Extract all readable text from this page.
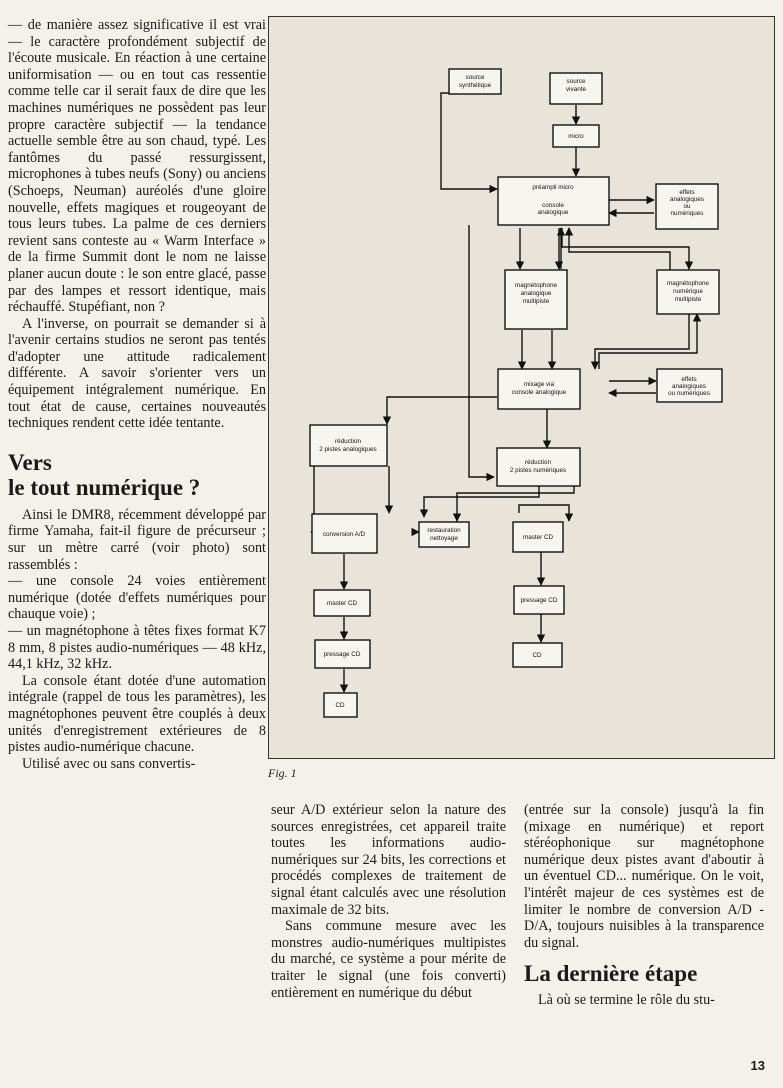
— de manière assez significative il est vrai — le caractère profondément subjectif de l'écoute musicale. En réaction à une certaine uniformisation — ou en tout cas ressentie comme telle car il serait faux de dire que les machines numériques ne possèdent pas leur propre caractère subjectif — la tendance actuelle semble être au son chaud, typé. Les fantômes du passé ressurgissent, microphones à tubes neufs (Sony) ou anciens (Schoeps, Neuman) auréolés d'une gloire nouvelle, effets magiques et rougeoyant de tous leurs tubes. La palme de ces derniers revient sans conteste au « Warm Interface » de la firme Summit dont le nom ne laisse planer aucun doute : le son entre glacé, passe par des lampes et ressort identique, mais réchauffé. Stupéfiant, non ?

A l'inverse, on pourrait se demander si à l'avenir certains studios ne seront pas tentés d'adopter une attitude radicalement différente. A savoir s'orienter vers un équipement intégralement numérique. En tout état de cause, certaines nouveautés techniques rendent cette idée tentante.

Vers
le tout numérique ?

Ainsi le DMR8, récemment développé par firme Yamaha, fait-il figure de précurseur ; sur un mètre carré (voir photo) sont rassemblés :

— une console 24 voies entièrement numérique (dotée d'effets numériques pour chauque voie) ;

— un magnétophone à têtes fixes format K7 8 mm, 8 pistes audio-numériques — 48 kHz, 44,1 kHz, 32 kHz.

La console étant dotée d'une automation intégrale (rappel de tous les paramètres), les magnétophones peuvent être couplés à deux unités d'enregistrement extérieures de 8 pistes audio-numérique chacune.

Utilisé avec ou sans convertis-

source
synthétique
source
vivante
micro
préampli micro
console
analogique
effets
analogiques
ou
numériques
magnétophone
analogique
multipiste
magnétophone
numérique
multipiste
mixage via
console analogique
effets
analogiques
ou numériques
réduction
2 pistes analogiques
réduction
2 pistes numériques
conversion A/D
restauration
nettoyage	master CD
master CD	pressage CD
pressage CD	CD
CD
Fig. 1

seur A/D extérieur selon la nature des sources enregistrées, cet appareil traite toutes les informations audio-numériques sur 24 bits, les corrections et procédés complexes de traitement de signal étant calculés avec une résolution maximale de 32 bits.

Sans commune mesure avec les monstres audio-numériques multipistes du marché, ce système a pour mérite de traiter le signal (une fois converti) entièrement en numérique du début

(entrée sur la console) jusqu'à la fin (mixage en numérique) et report stéréophonique sur magnétophone numérique deux pistes avant d'aboutir à un éventuel CD... numérique. On le voit, l'intérêt majeur de ces systèmes est de limiter le nombre de conversion A/D - D/A, toujours nuisibles à la transparence du signal.

La dernière étape

Là où se termine le rôle du stu-

13
